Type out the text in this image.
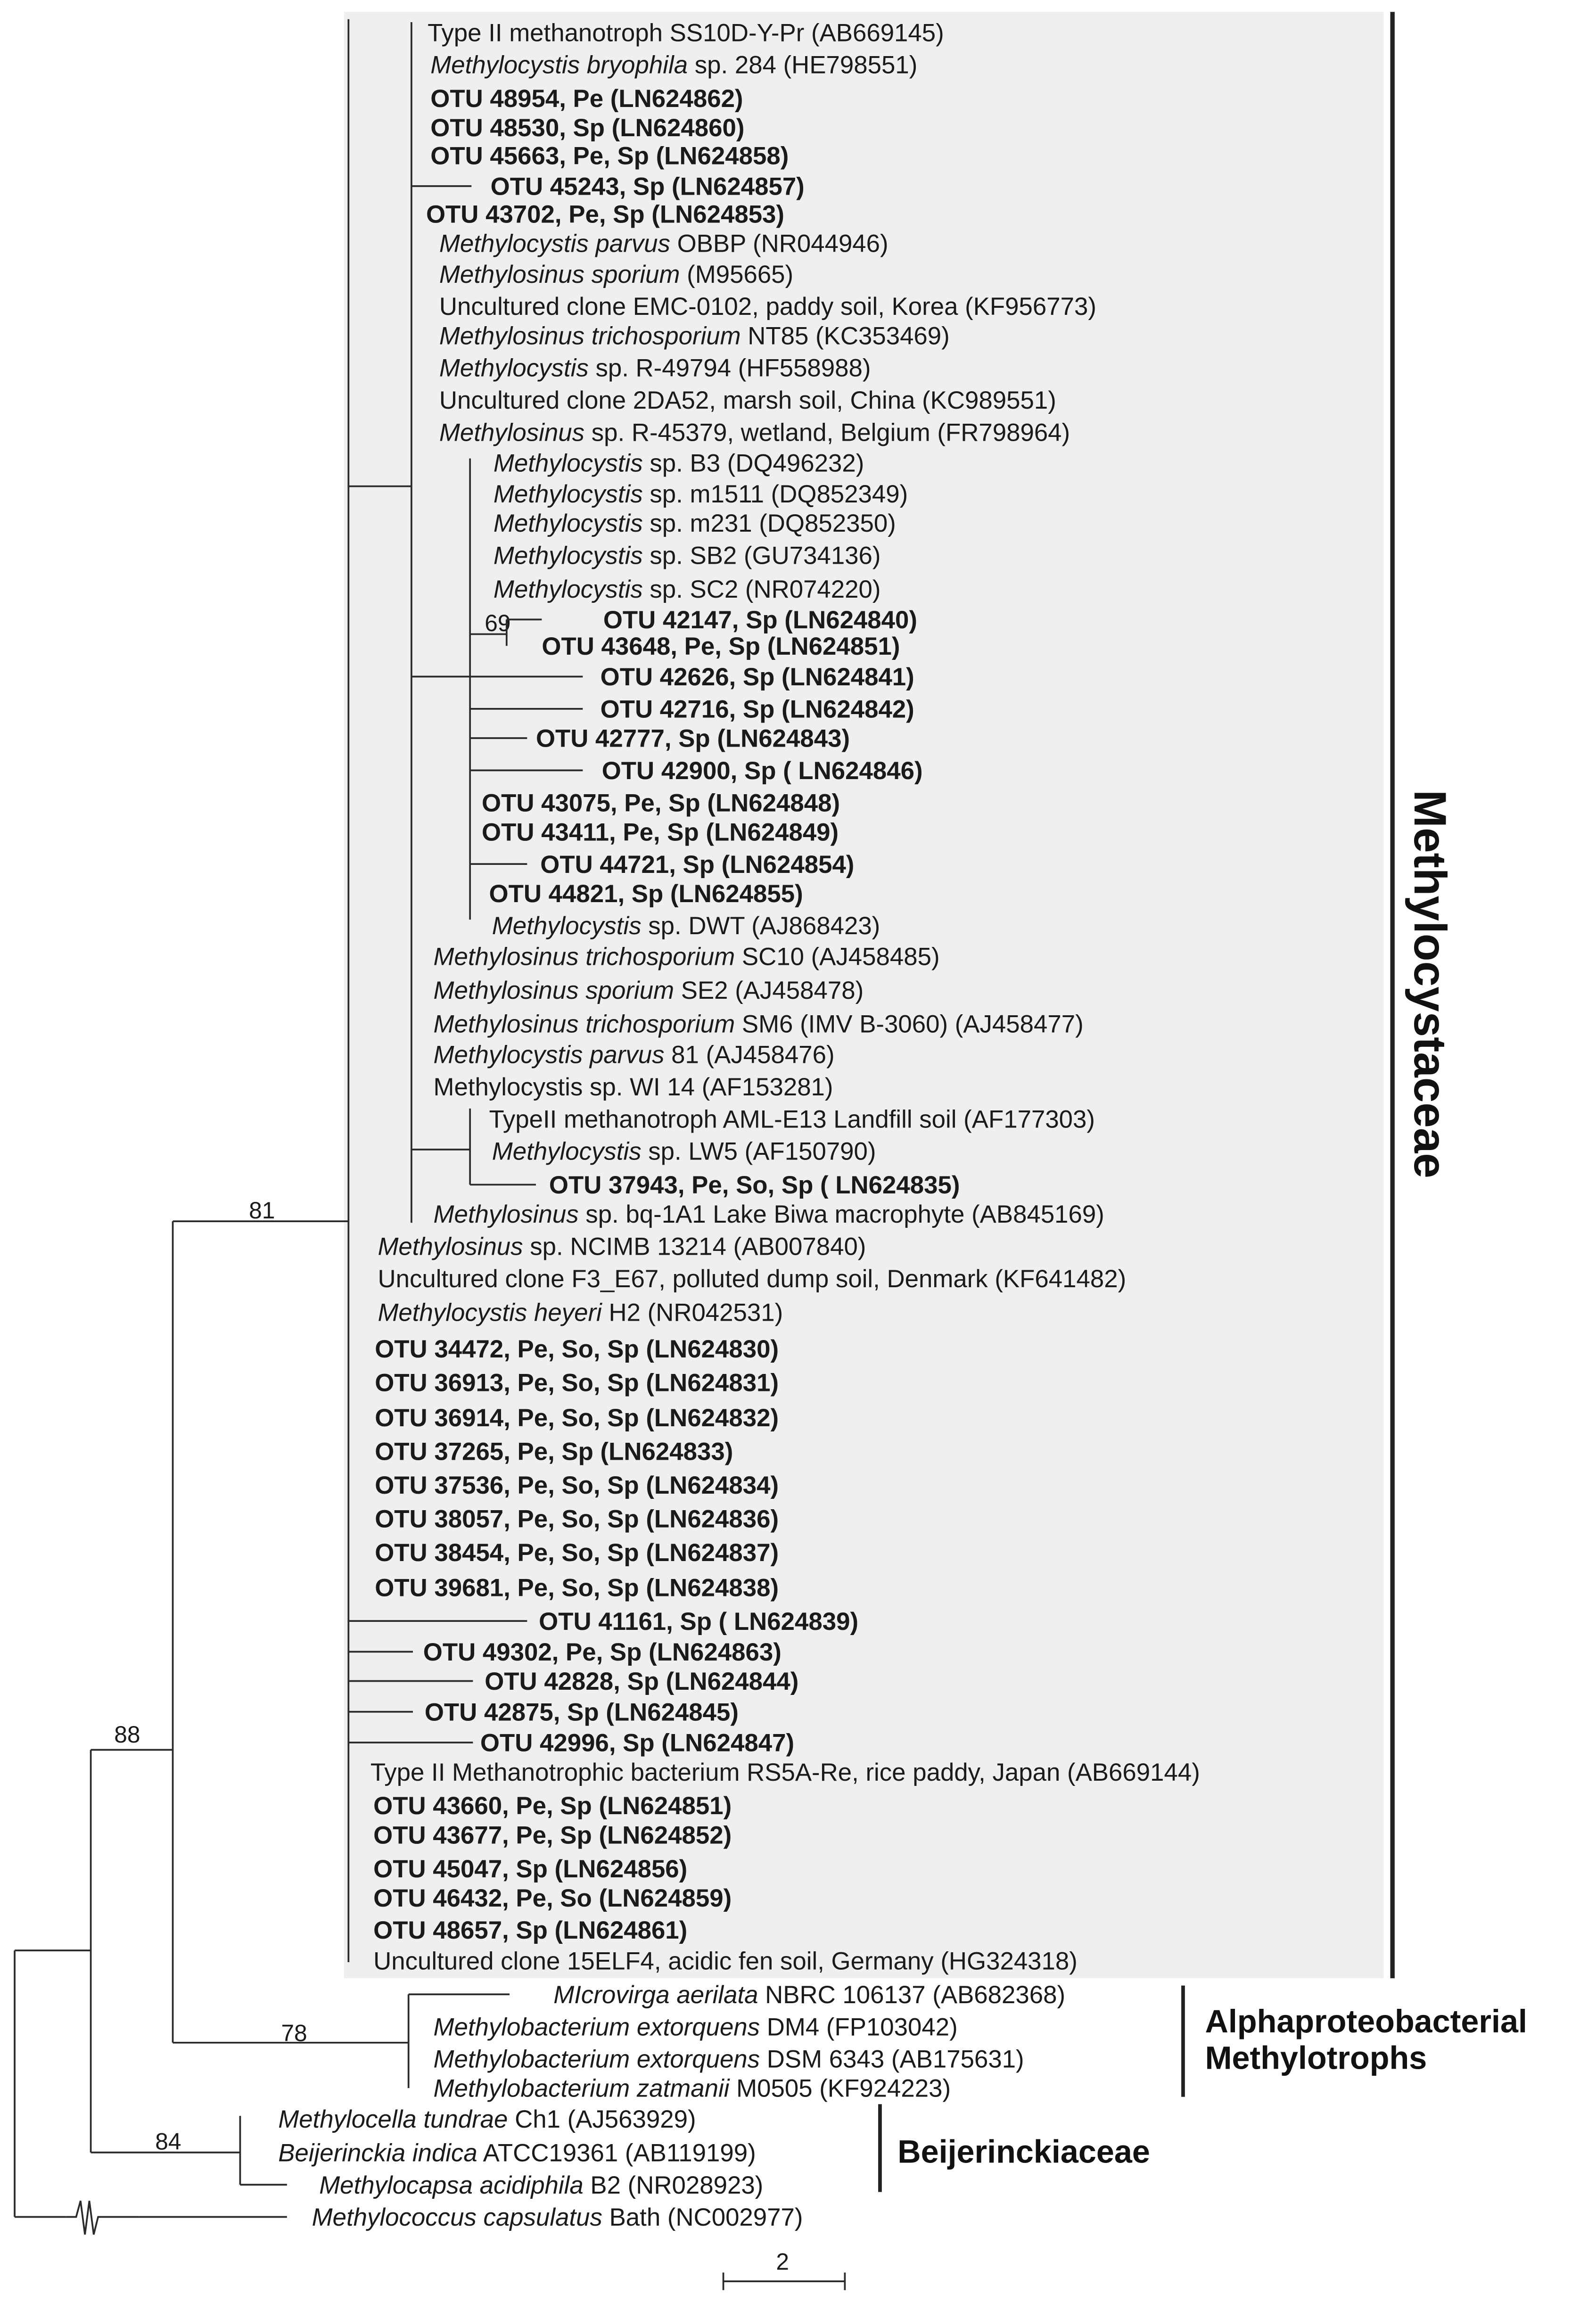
Methylocystaceae
Alphaproteobacterial
Methylotrophs
Beijerinckiaceae
69
81
88
78
84
2
Type II methanotroph SS10D-Y-Pr (AB669145)
Methylocystis bryophila sp. 284 (HE798551)
OTU 48954, Pe (LN624862)
OTU 48530, Sp (LN624860)
OTU 45663, Pe, Sp (LN624858)
OTU 45243, Sp (LN624857)
OTU 43702, Pe, Sp (LN624853)
Methylocystis parvus OBBP (NR044946)
Methylosinus sporium (M95665)
Uncultured clone EMC-0102, paddy soil, Korea (KF956773)
Methylosinus trichosporium NT85 (KC353469)
Methylocystis sp. R-49794 (HF558988)
Uncultured clone 2DA52, marsh soil, China (KC989551)
Methylosinus sp. R-45379, wetland, Belgium (FR798964)
Methylocystis sp. B3 (DQ496232)
Methylocystis sp. m1511 (DQ852349)
Methylocystis sp. m231 (DQ852350)
Methylocystis sp. SB2 (GU734136)
Methylocystis sp. SC2 (NR074220)
OTU 42147, Sp (LN624840)
OTU 43648, Pe, Sp (LN624851)
OTU 42626, Sp (LN624841)
OTU 42716, Sp (LN624842)
OTU 42777, Sp (LN624843)
OTU 42900, Sp ( LN624846)
OTU 43075, Pe, Sp (LN624848)
OTU 43411, Pe, Sp (LN624849)
OTU 44721, Sp (LN624854)
OTU 44821, Sp (LN624855)
Methylocystis sp. DWT (AJ868423)
Methylosinus trichosporium SC10 (AJ458485)
Methylosinus sporium SE2 (AJ458478)
Methylosinus trichosporium SM6 (IMV B-3060) (AJ458477)
Methylocystis parvus 81 (AJ458476)
Methylocystis sp. WI 14 (AF153281)
TypeII methanotroph AML-E13 Landfill soil (AF177303)
Methylocystis sp. LW5 (AF150790)
OTU 37943, Pe, So, Sp ( LN624835)
Methylosinus sp. bq-1A1 Lake Biwa macrophyte (AB845169)
Methylosinus sp. NCIMB 13214 (AB007840)
Uncultured clone F3_E67, polluted dump soil, Denmark (KF641482)
Methylocystis heyeri H2 (NR042531)
OTU 34472, Pe, So, Sp (LN624830)
OTU 36913, Pe, So, Sp (LN624831)
OTU 36914, Pe, So, Sp (LN624832)
OTU 37265, Pe, Sp (LN624833)
OTU 37536, Pe, So, Sp (LN624834)
OTU 38057, Pe, So, Sp (LN624836)
OTU 38454, Pe, So, Sp (LN624837)
OTU 39681, Pe, So, Sp (LN624838)
OTU 41161, Sp ( LN624839)
OTU 49302, Pe, Sp (LN624863)
OTU 42828, Sp (LN624844)
OTU 42875, Sp (LN624845)
OTU 42996, Sp (LN624847)
Type II Methanotrophic bacterium RS5A-Re, rice paddy, Japan (AB669144)
OTU 43660, Pe, Sp (LN624851)
OTU 43677, Pe, Sp (LN624852)
OTU 45047, Sp (LN624856)
OTU 46432, Pe, So (LN624859)
OTU 48657, Sp (LN624861)
Uncultured clone 15ELF4, acidic fen soil, Germany (HG324318)
MIcrovirga aerilata NBRC 106137 (AB682368)
Methylobacterium extorquens DM4 (FP103042)
Methylobacterium extorquens DSM 6343 (AB175631)
Methylobacterium zatmanii M0505 (KF924223)
Methylocella tundrae Ch1 (AJ563929)
Beijerinckia indica ATCC19361 (AB119199)
Methylocapsa acidiphila B2 (NR028923)
Methylococcus capsulatus Bath (NC002977)
